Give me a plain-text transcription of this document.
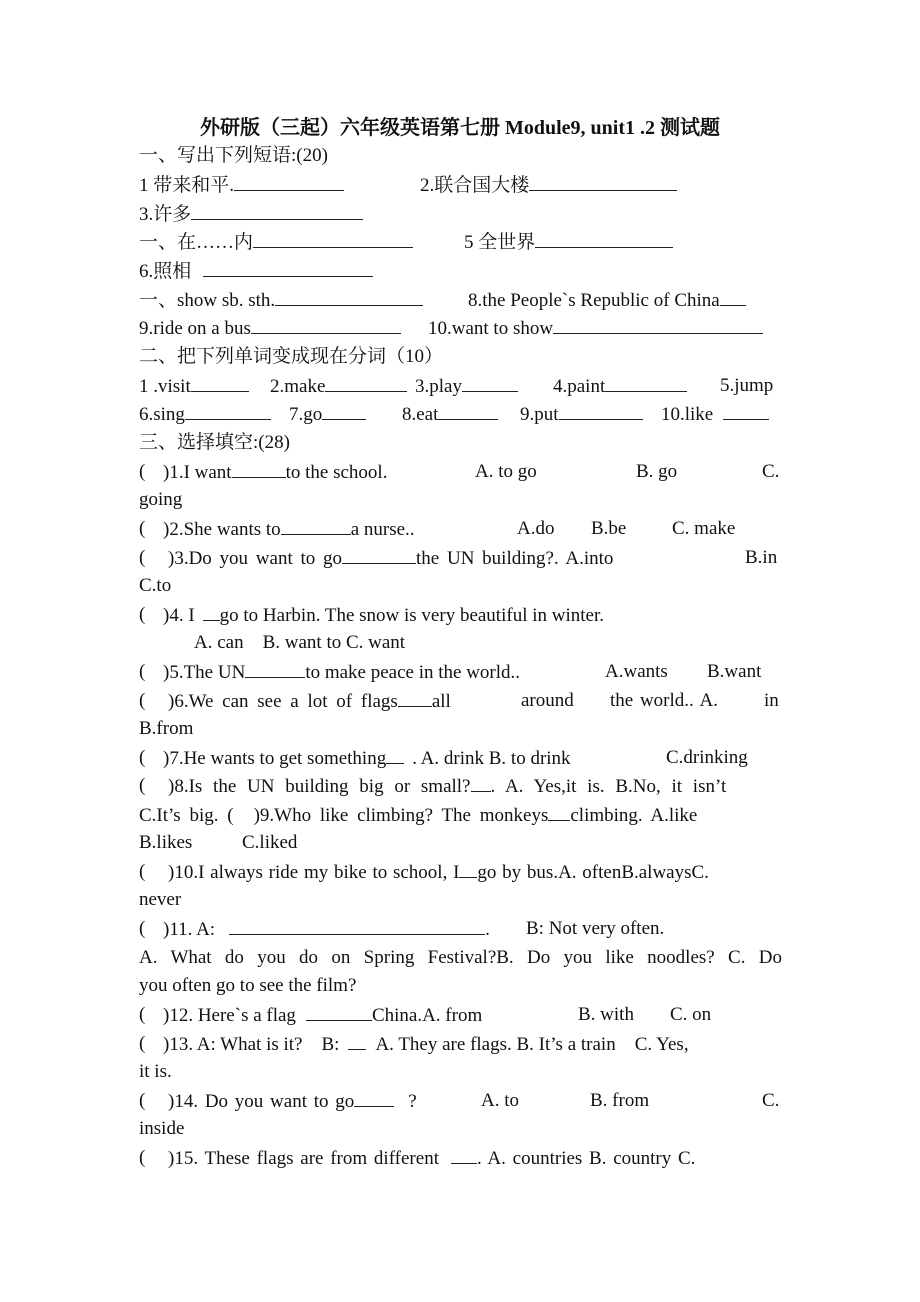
外研版（三起）六年级英语第七册 Module9, unit1 .2 测试题
一、写出下列短语:(20)
1 带来和平.	2.联合国大楼
3.许多
一、在……内	5 全世界
6.照相
一、show sb. sth.	8.the People`s Republic of China
9.ride on a bus	10.want to show
二、把下列单词变成现在分词（10）
1 .visit	2.make	3.play	4.paint	5.jump
6.sing	7.go	8.eat	9.put	10.like
三、选择填空:(28)
( )1.I want	to the school.	A. to go	B. go	C.
going
( )2.She wants to	a nurse..	A.do B.be C. make
( )3.Do you want to go	the UN building?. A.into	B.in
C.to
( )4. I go to Harbin. The snow is very beautiful in winter.
A. can    B. want to C. want
( )5.The UN	to make peace in the world..	A.wants B.want
( )6.We can see a lot of flags all	around the world.. A. in
B.from
( )7.He wants to get something . A. drink B. to drink	C.drinking
( )8.Is the UN building big or small? . A. Yes,it is. B.No, it isn’t
C.It’s big. ( )9.Who like climbing? The monkeys climbing. A.like
B.likes	C.liked
( )10.I always ride my bike to school, I go by bus.A. oftenB.alwaysC.
never
( )11. A:	. B: Not very often.
A. What do you do on Spring Festival?B. Do you like noodles? C. Do
you often go to see the film?
( )12. Here`s a flag	China.A. from	B. with C. on
( )13. A: What is it?    B: A. They are flags. B. It’s a train    C. Yes,
it is.
( )14. Do you want to go	?	A. to	B. from	C.
inside
( )15. These flags are from different . A. countries B. country C.
